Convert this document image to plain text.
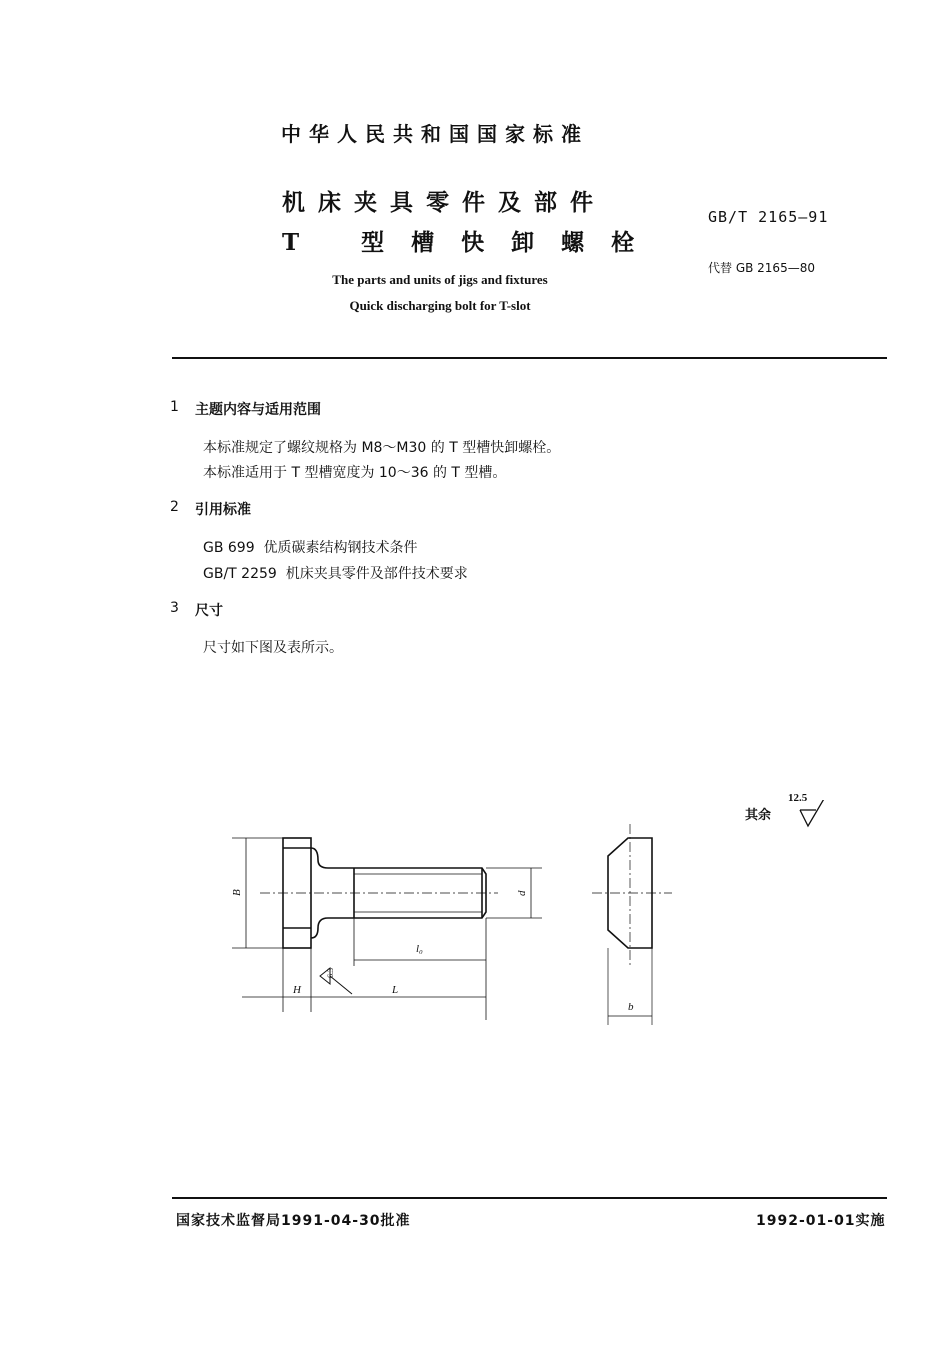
中华人民共和国国家标准
机床夹具零件及部件
T 型槽快卸螺栓
GB/T 2165—91
代替 GB 2165—80
The parts and units of jigs and fixtures
Quick discharging bolt for T-slot
1 主题内容与适用范围
本标准规定了螺纹规格为 M8～M30 的 T 型槽快卸螺栓。
本标准适用于 T 型槽宽度为 10～36 的 T 型槽。
2 引用标准
GB 699  优质碳素结构钢技术条件
GB/T 2259  机床夹具零件及部件技术要求
3 尺寸
尺寸如下图及表所示。
其余
12.5
B	d
l₀
H	L
6.3
b
国家技术监督局1991-04-30批准	1992-01-01实施
